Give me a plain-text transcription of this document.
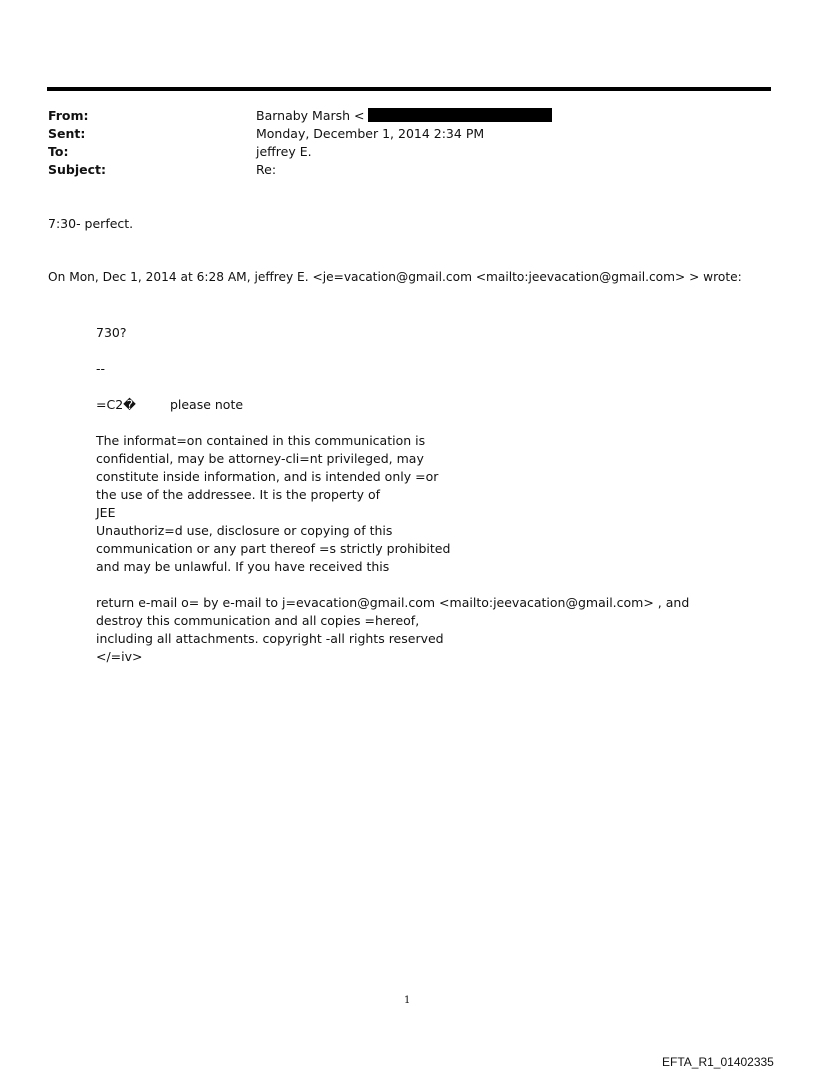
From:	Barnaby Marsh <
Sent:	Monday, December 1, 2014 2:34 PM
To:	jeffrey E.
Subject:	Re:
7:30- perfect.
On Mon, Dec 1, 2014 at 6:28 AM, jeffrey E. <je=vacation@gmail.com <mailto:jeevacation@gmail.com> > wrote:

730?

--

=C2�	please note

The informat=on contained in this communication is

confidential, may be attorney-cli=nt privileged, may

constitute inside information, and is intended only =or

the use of the addressee. It is the property of

JEE

Unauthoriz=d use, disclosure or copying of this

communication or any part thereof =s strictly prohibited

and may be unlawful. If you have received this

return e-mail o= by e-mail to j=evacation@gmail.com <mailto:jeevacation@gmail.com> , and

destroy this communication and all copies =hereof,

including all attachments. copyright -all rights reserved

</=iv>

1
EFTA_R1_01402335
